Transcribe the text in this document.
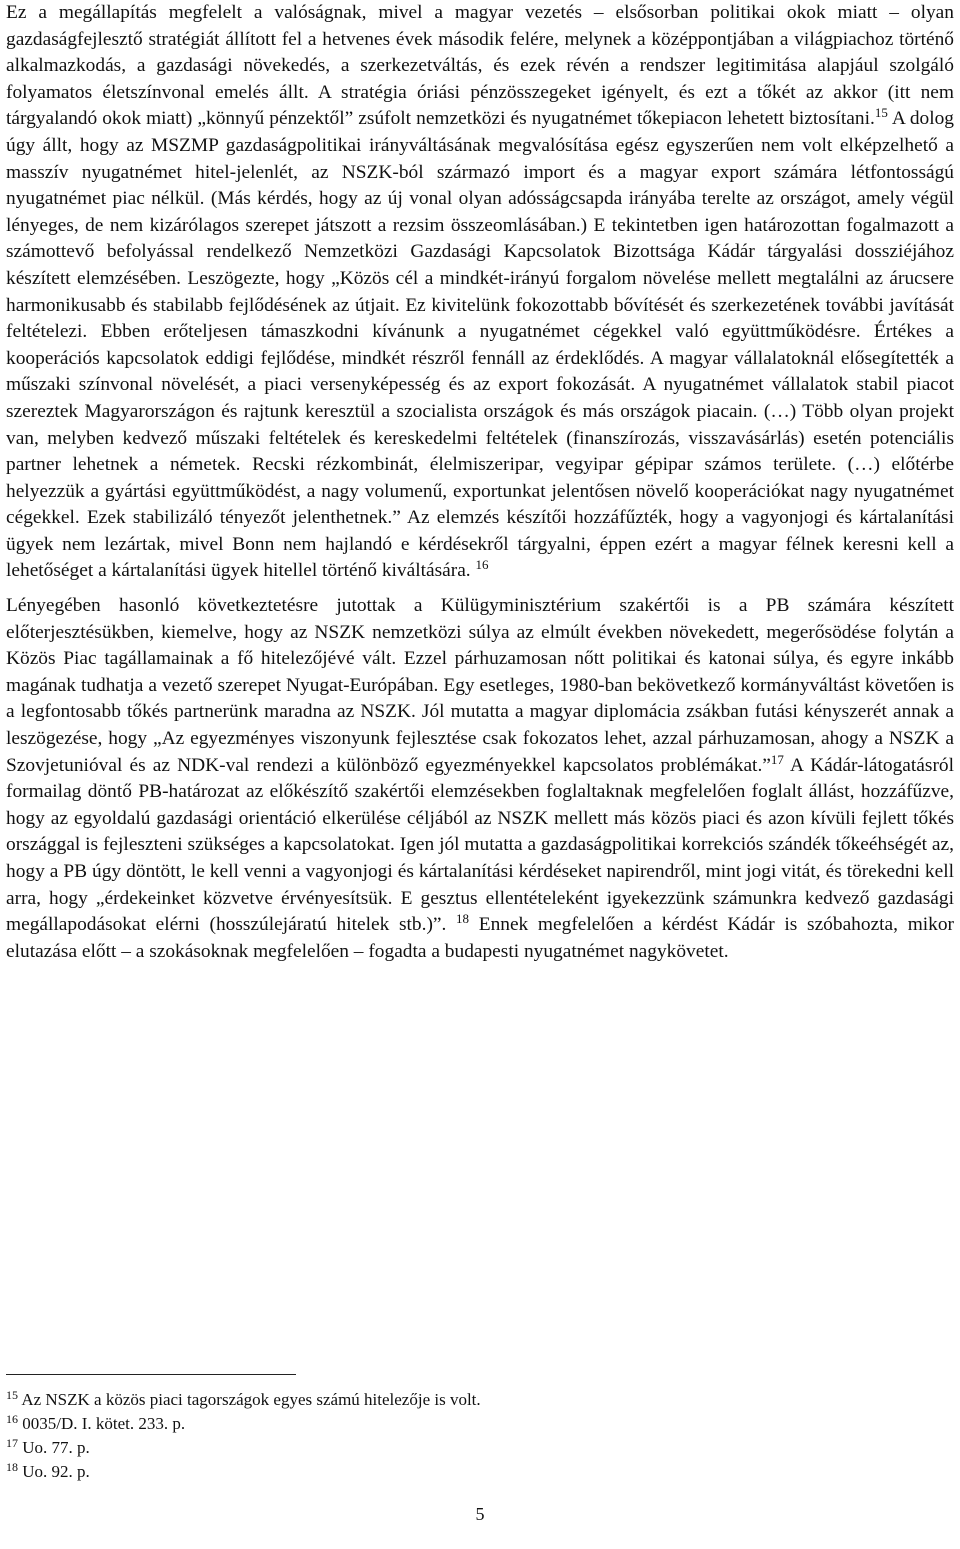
Ez a megállapítás megfelelt a valóságnak, mivel a magyar vezetés – elsősorban politikai okok miatt – olyan gazdaságfejlesztő stratégiát állított fel a hetvenes évek második felére, melynek a középpontjában a világpiachoz történő alkalmazkodás, a gazdasági növekedés, a szerkezetváltás, és ezek révén a rendszer legitimitása alapjául szolgáló folyamatos életszínvonal emelés állt. A stratégia óriási pénzösszegeket igényelt, és ezt a tőkét az akkor (itt nem tárgyalandó okok miatt) „könnyű pénzektől” zsúfolt nemzetközi és nyugatnémet tőkepiacon lehetett biztosítani.$^{15}$ A dolog úgy állt, hogy az MSZMP gazdaságpolitikai irányváltásának megvalósítása egész egyszerűen nem volt elképzelhető a masszív nyugatnémet hitel-jelenlét, az NSZK-ból származó import és a magyar export számára létfontosságú nyugatnémet piac nélkül. (Más kérdés, hogy az új vonal olyan adósságcsapda irányába terelte az országot, amely végül lényeges, de nem kizárólagos szerepet játszott a rezsim összeomlásában.) E tekintetben igen határozottan fogalmazott a számottevő befolyással rendelkező Nemzetközi Gazdasági Kapcsolatok Bizottsága Kádár tárgyalási dossziéjához készített elemzésében. Leszögezte, hogy „Közös cél a mindkét-irányú forgalom növelése mellett megtalálni az árucsere harmonikusabb és stabilabb fejlődésének az útjait. Ez kivitelünk fokozottabb bővítését és szerkezetének további javítását feltételezi. Ebben erőteljesen támaszkodni kívánunk a nyugatnémet cégekkel való együttműködésre. Értékes a kooperációs kapcsolatok eddigi fejlődése, mindkét részről fennáll az érdeklődés. A magyar vállalatoknál elősegítették a műszaki színvonal növelését, a piaci versenyképesség és az export fokozását. A nyugatnémet vállalatok stabil piacot szereztek Magyarországon és rajtunk keresztül a szocialista országok és más országok piacain. (…) Több olyan projekt van, melyben kedvező műszaki feltételek és kereskedelmi feltételek (finanszírozás, visszavásárlás) esetén potenciális partner lehetnek a németek. Recski rézkombinát, élelmiszeripar, vegyipar gépipar számos területe. (…) előtérbe helyezzük a gyártási együttműködést, a nagy volumenű, exportunkat jelentősen növelő kooperációkat nagy nyugatnémet cégekkel. Ezek stabilizáló tényezőt jelenthetnek.” Az elemzés készítői hozzáfűzték, hogy a vagyonjogi és kártalanítási ügyek nem lezártak, mivel Bonn nem hajlandó e kérdésekről tárgyalni, éppen ezért a magyar félnek keresni kell a lehetőséget a kártalanítási ügyek hitellel történő kiváltására. $^{16}$

Lényegében hasonló következtetésre jutottak a Külügyminisztérium szakértői is a PB számára készített előterjesztésükben, kiemelve, hogy az NSZK nemzetközi súlya az elmúlt években növekedett, megerősödése folytán a Közös Piac tagállamainak a fő hitelezőjévé vált. Ezzel párhuzamosan nőtt politikai és katonai súlya, és egyre inkább magának tudhatja a vezető szerepet Nyugat-Európában. Egy esetleges, 1980-ban bekövetkező kormányváltást követően is a legfontosabb tőkés partnerünk maradna az NSZK. Jól mutatta a magyar diplomácia zsákban futási kényszerét annak a leszögezése, hogy „Az egyezményes viszonyunk fejlesztése csak fokozatos lehet, azzal párhuzamosan, ahogy a NSZK a Szovjetunióval és az NDK-val rendezi a különböző egyezményekkel kapcsolatos problémákat.”$^{17}$ A Kádár-látogatásról formailag döntő PB-határozat az előkészítő szakértői elemzésekben foglaltaknak megfelelően foglalt állást, hozzáfűzve, hogy az egyoldalú gazdasági orientáció elkerülése céljából az NSZK mellett más közös piaci és azon kívüli fejlett tőkés országgal is fejleszteni szükséges a kapcsolatokat. Igen jól mutatta a gazdaságpolitikai korrekciós szándék tőkeéhségét az, hogy a PB úgy döntött, le kell venni a vagyonjogi és kártalanítási kérdéseket napirendről, mint jogi vitát, és törekedni kell arra, hogy „érdekeinket közvetve érvényesítsük. E gesztus ellentételeként igyekezzünk számunkra kedvező gazdasági megállapodásokat elérni (hosszúlejáratú hitelek stb.)”. $^{18}$ Ennek megfelelően a kérdést Kádár is szóbahozta, mikor elutazása előtt – a szokásoknak megfelelően – fogadta a budapesti nyugatnémet nagykövetet.

$^{15}$ Az NSZK a közös piaci tagországok egyes számú hitelezője is volt.

$^{16}$ 0035/D. I. kötet. 233. p.

$^{17}$ Uo. 77. p.

$^{18}$ Uo. 92. p.

5
